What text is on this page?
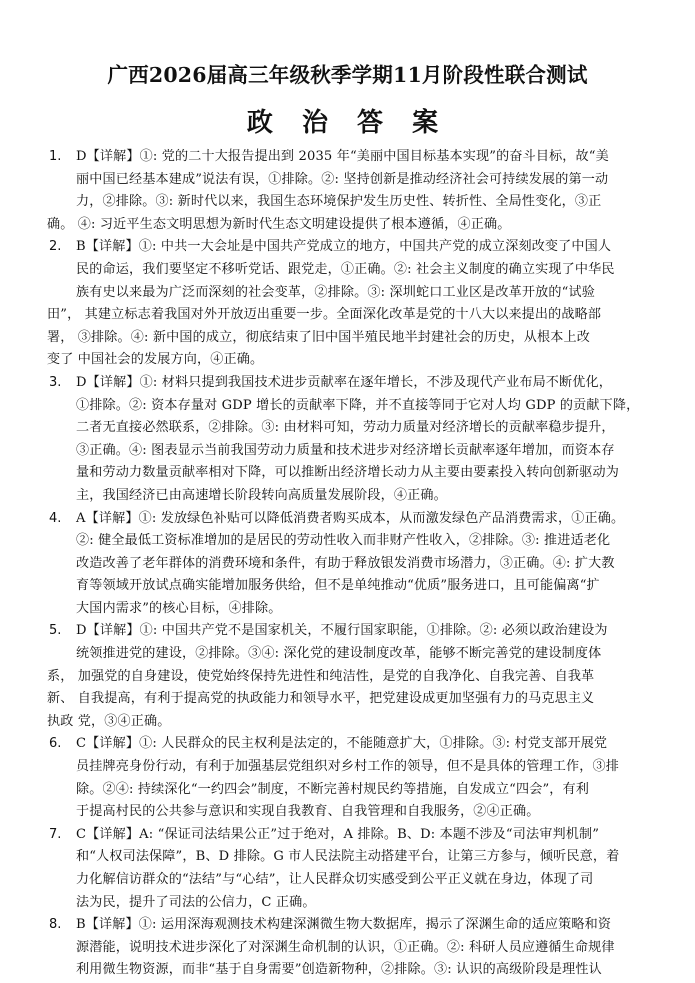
广西2026届高三年级秋季学期11月阶段性联合测试
政 治 答 案
1.	D【详解】①: 党的二十大报告提出到 2035 年“美丽中国目标基本实现”的奋斗目标，故“美
丽中国已经基本建成”说法有误，①排除。②: 坚持创新是推动经济社会可持续发展的第一动
力，②排除。③: 新时代以来，我国生态环境保护发生历史性、转折性、全局性变化，③正
确。 ④: 习近平生态文明思想为新时代生态文明建设提供了根本遵循，④正确。
2.	B【详解】①: 中共一大会址是中国共产党成立的地方，中国共产党的成立深刻改变了中国人
民的命运，我们要坚定不移听党话、跟党走，①正确。②: 社会主义制度的确立实现了中华民
族有史以来最为广泛而深刻的社会变革，②排除。③: 深圳蛇口工业区是改革开放的“试验
田”， 其建立标志着我国对外开放迈出重要一步。全面深化改革是党的十八大以来提出的战略部
署， ③排除。④: 新中国的成立，彻底结束了旧中国半殖民地半封建社会的历史，从根本上改
变了 中国社会的发展方向，④正确。
3.	D【详解】①: 材料只提到我国技术进步贡献率在逐年增长，不涉及现代产业布局不断优化，
①排除。②: 资本存量对 GDP 增长的贡献率下降，并不直接等同于它对人均 GDP 的贡献下降，
二者无直接必然联系，②排除。③: 由材料可知，劳动力质量对经济增长的贡献率稳步提升，
③正确。④: 图表显示当前我国劳动力质量和技术进步对经济增长贡献率逐年增加，而资本存
量和劳动力数量贡献率相对下降，可以推断出经济增长动力从主要由要素投入转向创新驱动为
主，我国经济已由高速增长阶段转向高质量发展阶段，④正确。
4.	A【详解】①: 发放绿色补贴可以降低消费者购买成本，从而激发绿色产品消费需求，①正确。
②: 健全最低工资标准增加的是居民的劳动性收入而非财产性收入，②排除。③: 推进适老化
改造改善了老年群体的消费环境和条件，有助于释放银发消费市场潜力，③正确。④: 扩大教
育等领域开放试点确实能增加服务供给，但不是单纯推动“优质”服务进口，且可能偏离“扩
大国内需求”的核心目标，④排除。
5.	D【详解】①: 中国共产党不是国家机关，不履行国家职能，①排除。②: 必须以政治建设为
统领推进党的建设，②排除。③④: 深化党的建设制度改革，能够不断完善党的建设制度体
系， 加强党的自身建设，使党始终保持先进性和纯洁性，是党的自我净化、自我完善、自我革
新、 自我提高，有利于提高党的执政能力和领导水平，把党建设成更加坚强有力的马克思主义
执政 党，③④正确。
6.	C【详解】①: 人民群众的民主权利是法定的，不能随意扩大，①排除。③: 村党支部开展党
员挂牌亮身份行动，有利于加强基层党组织对乡村工作的领导，但不是具体的管理工作，③排
除。②④: 持续深化“一约四会”制度，不断完善村规民约等措施，自发成立“四会”，有利
于提高村民的公共参与意识和实现自我教育、自我管理和自我服务，②④正确。
7.	C【详解】A: “保证司法结果公正”过于绝对，A 排除。B、D: 本题不涉及“司法审判机制”
和“人权司法保障”，B、D 排除。G 市人民法院主动搭建平台，让第三方参与，倾听民意，着
力化解信访群众的“法结”与“心结”，让人民群众切实感受到公平正义就在身边，体现了司
法为民，提升了司法的公信力，C 正确。
8.	B【详解】①: 运用深海观测技术构建深渊微生物大数据库，揭示了深渊生命的适应策略和资
源潜能，说明技术进步深化了对深渊生命机制的认识，①正确。②: 科研人员应遵循生命规律
利用微生物资源，而非“基于自身需要”创造新物种，②排除。③: 认识的高级阶段是理性认
